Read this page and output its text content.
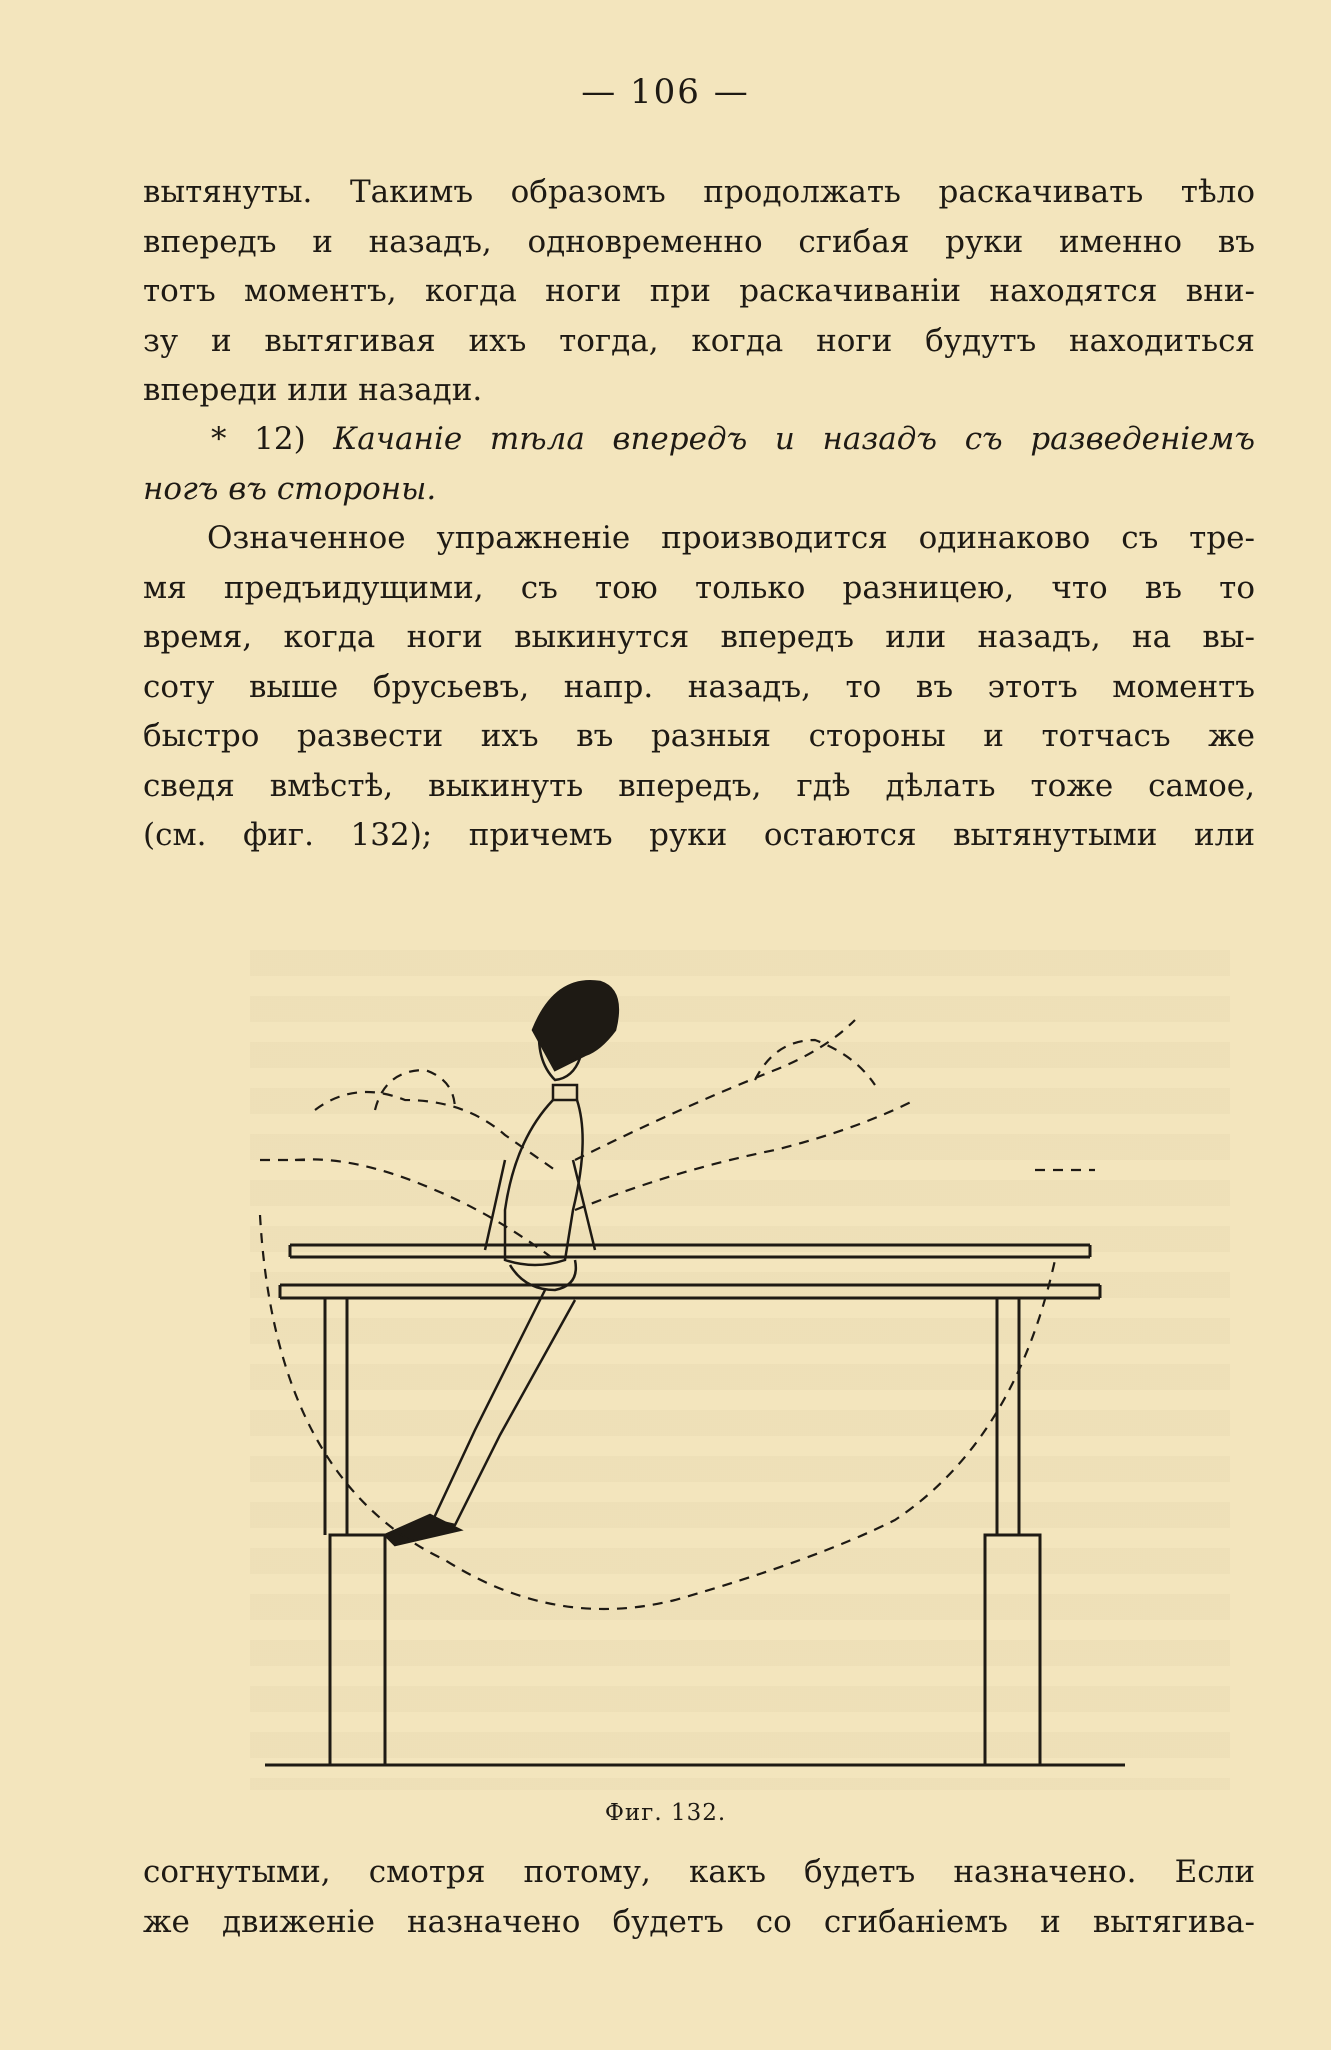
— 106 —
вытянуты. Такимъ образомъ продолжать раскачивать тѣло
впередъ и назадъ, одновременно сгибая руки именно въ
тотъ моментъ, когда ноги при раскачиваніи находятся вни-
зу и вытягивая ихъ тогда, когда ноги будутъ находиться
впереди или назади.
* 12) Качаніе тѣла впередъ и назадъ съ разведеніемъ
ногъ въ стороны.
Означенное упражненіе производится одинаково съ тре-
мя предъидущими, съ тою только разницею, что въ то
время, когда ноги выкинутся впередъ или назадъ, на вы-
соту выше брусьевъ, напр. назадъ, то въ этотъ моментъ
быстро развести ихъ въ разныя стороны и тотчасъ же
сведя вмѣстѣ, выкинуть впередъ, гдѣ дѣлать тоже самое,
(см. фиг. 132); причемъ руки остаются вытянутыми или
Фиг. 132.
согнутыми, смотря потому, какъ будетъ назначено. Если
же движеніе назначено будетъ со сгибаніемъ и вытягива-
